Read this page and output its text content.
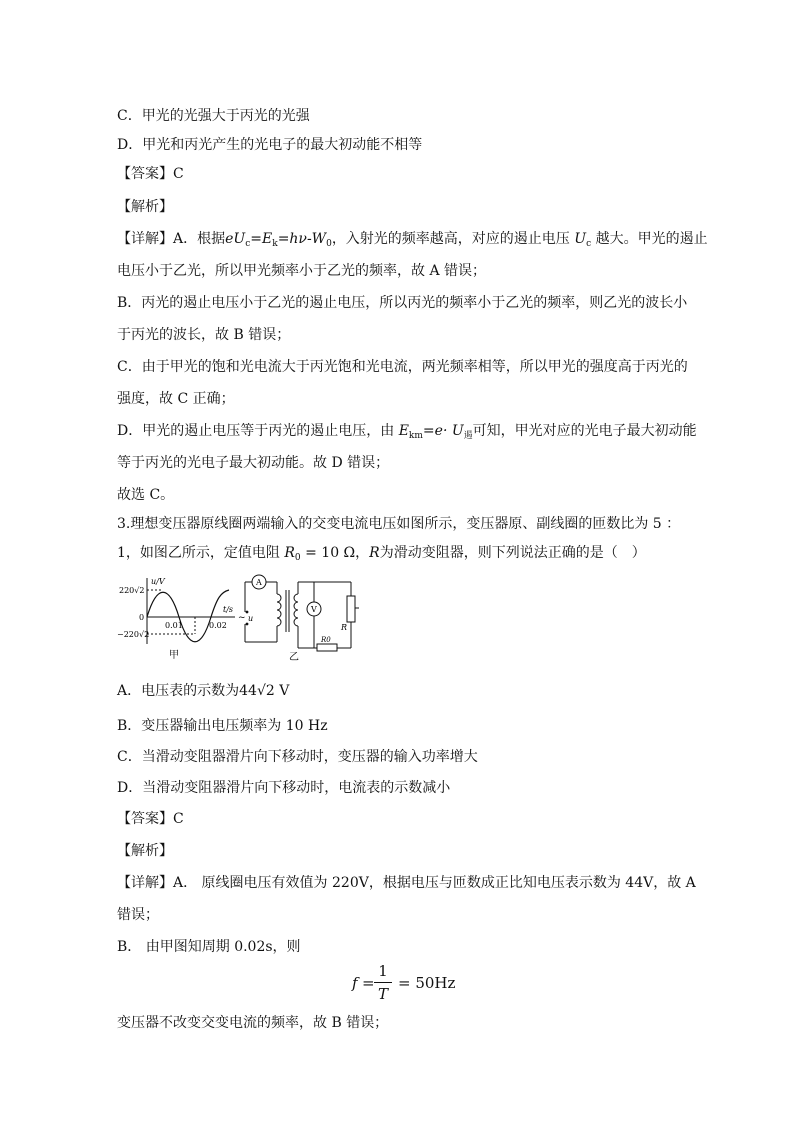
C．甲光的光强大于丙光的光强
D．甲光和丙光产生的光电子的最大初动能不相等
【答案】C
【解析】
【详解】A．根据$eU_c=E_k=h\nu-W_0$，入射光的频率越高，对应的遏止电压 $U_c$ 越大。甲光的遏止
电压小于乙光，所以甲光频率小于乙光的频率，故 A 错误；
B．丙光的遏止电压小于乙光的遏止电压，所以丙光的频率小于乙光的频率，则乙光的波长小
于丙光的波长，故 B 错误；
C．由于甲光的饱和光电流大于丙光饱和光电流，两光频率相等，所以甲光的强度高于丙光的
强度，故 C 正确；
D．甲光的遏止电压等于丙光的遏止电压，由 $E_{km}=e\cdot U_遏$可知，甲光对应的光电子最大初动能
等于丙光的光电子最大初动能。故 D 错误；
故选 C。
3.理想变压器原线圈两端输入的交变电流电压如图所示，变压器原、副线圈的匝数比为 5 ：
1，如图乙所示，定值电阻 $R_0 = 10$ Ω，R为滑动变阻器，则下列说法正确的是（　）
u/V
220√2
−220√2
0
t/s
0.01	0.02
甲
~ u
A
V
R
R0
乙
A．电压表的示数为44√2 V
B．变压器输出电压频率为 10 Hz
C．当滑动变阻器滑片向下移动时，变压器的输入功率增大
D．当滑动变阻器滑片向下移动时，电流表的示数减小
【答案】C
【解析】
【详解】A． 原线圈电压有效值为 220V，根据电压与匝数成正比知电压表示数为 44V，故 A
错误；
B． 由甲图知周期 0.02s，则
f =
1
T
= 50Hz
变压器不改变交变电流的频率，故 B 错误；
